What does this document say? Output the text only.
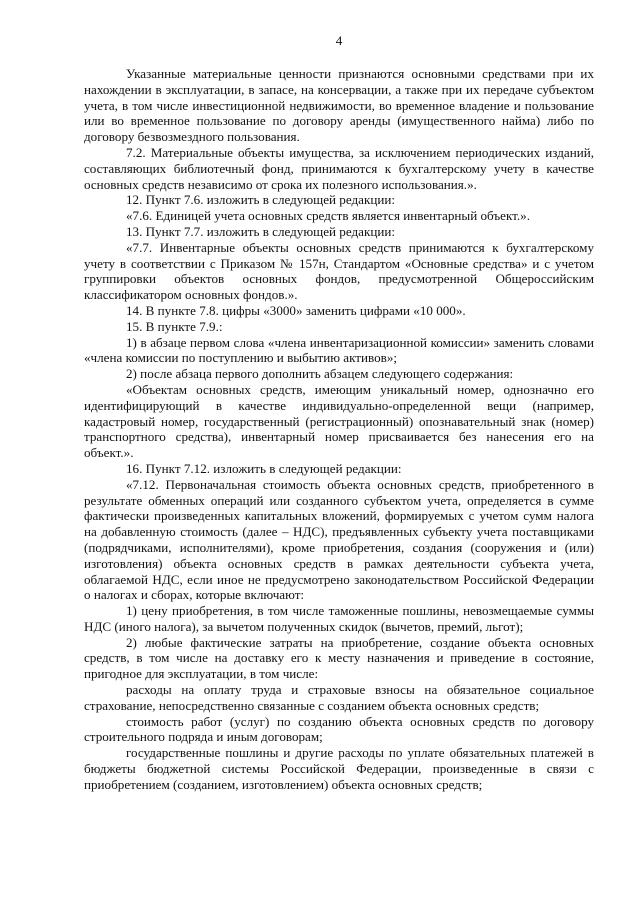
4

Указанные материальные ценности признаются основными средствами при их нахождении в эксплуатации, в запасе, на консервации, а также при их передаче субъектом учета, в том числе инвестиционной недвижимости, во временное владение и пользование или во временное пользование по договору аренды (имущественного найма) либо по договору безвозмездного пользования.

7.2. Материальные объекты имущества, за исключением периодических изданий, составляющих библиотечный фонд, принимаются к бухгалтерскому учету в качестве основных средств независимо от срока их полезного использования.».

12. Пункт 7.6. изложить в следующей редакции:

«7.6. Единицей учета основных средств является инвентарный объект.».

13. Пункт 7.7. изложить в следующей редакции:

«7.7. Инвентарные объекты основных средств принимаются к бухгалтерскому учету в соответствии с Приказом № 157н, Стандартом «Основные средства» и с учетом группировки объектов основных фондов, предусмотренной Общероссийским классификатором основных фондов.».

14. В пункте 7.8. цифры «3000» заменить цифрами «10 000».

15. В пункте 7.9.:

1) в абзаце первом слова «члена инвентаризационной комиссии» заменить словами «члена комиссии по поступлению и выбытию активов»;

2) после абзаца первого дополнить абзацем следующего содержания:

«Объектам основных средств, имеющим уникальный номер, однозначно его идентифицирующий в качестве индивидуально-определенной вещи (например, кадастровый номер, государственный (регистрационный) опознавательный знак (номер) транспортного средства), инвентарный номер присваивается без нанесения его на объект.».

16. Пункт 7.12. изложить в следующей редакции:

«7.12. Первоначальная стоимость объекта основных средств, приобретенного в результате обменных операций или созданного субъектом учета, определяется в сумме фактически произведенных капитальных вложений, формируемых с учетом сумм налога на добавленную стоимость (далее – НДС), предъявленных субъекту учета поставщиками (подрядчиками, исполнителями), кроме приобретения, создания (сооружения и (или) изготовления) объекта основных средств в рамках деятельности субъекта учета, облагаемой НДС, если иное не предусмотрено законодательством Российской Федерации о налогах и сборах, которые включают:

1) цену приобретения, в том числе таможенные пошлины, невозмещаемые суммы НДС (иного налога), за вычетом полученных скидок (вычетов, премий, льгот);

2) любые фактические затраты на приобретение, создание объекта основных средств, в том числе на доставку его к месту назначения и приведение в состояние, пригодное для эксплуатации, в том числе:

расходы на оплату труда и страховые взносы на обязательное социальное страхование, непосредственно связанные с созданием объекта основных средств;

стоимость работ (услуг) по созданию объекта основных средств по договору строительного подряда и иным договорам;

государственные пошлины и другие расходы по уплате обязательных платежей в бюджеты бюджетной системы Российской Федерации, произведенные в связи с приобретением (созданием, изготовлением) объекта основных средств;
